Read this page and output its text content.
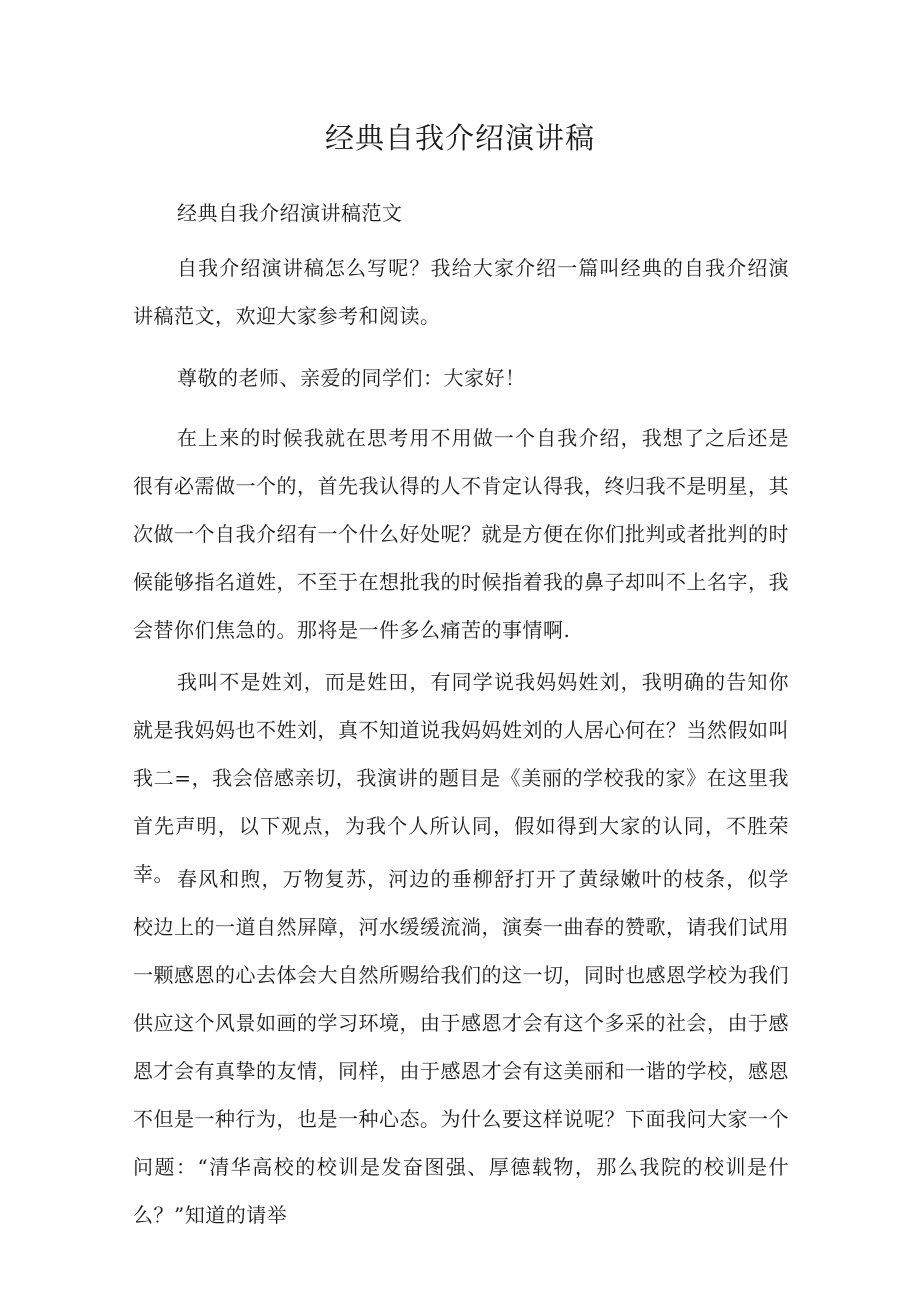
经典自我介绍演讲稿

经典自我介绍演讲稿范文

自我介绍演讲稿怎么写呢？我给大家介绍一篇叫经典的自我介绍演讲稿范文，欢迎大家参考和阅读。

尊敬的老师、亲爱的同学们：大家好！

在上来的时候我就在思考用不用做一个自我介绍，我想了之后还是很有必需做一个的，首先我认得的人不肯定认得我，终归我不是明星，其次做一个自我介绍有一个什么好处呢？就是方便在你们批判或者批判的时候能够指名道姓，不至于在想批我的时候指着我的鼻子却叫不上名字，我会替你们焦急的。那将是一件多么痛苦的事情啊.

我叫不是姓刘，而是姓田，有同学说我妈妈姓刘，我明确的告知你就是我妈妈也不姓刘，真不知道说我妈妈姓刘的人居心何在？当然假如叫我二=，我会倍感亲切，我演讲的题目是《美丽的学校我的家》在这里我首先声明，以下观点，为我个人所认同，假如得到大家的认同，不胜荣幸。 春风和煦，万物复苏，河边的垂柳舒打开了黄绿嫩叶的枝条，似学校边上的一道自然屏障，河水缓缓流淌，演奏一曲春的赞歌，请我们试用一颗感恩的心去体会大自然所赐给我们的这一切，同时也感恩学校为我们供应这个风景如画的学习环境，由于感恩才会有这个多采的社会，由于感恩才会有真挚的友情，同样，由于感恩才会有这美丽和一谐的学校，感恩不但是一种行为，也是一种心态。为什么要这样说呢？下面我问大家一个问题：“清华高校的校训是发奋图强、厚德载物，那么我院的校训是什么？”知道的请举
